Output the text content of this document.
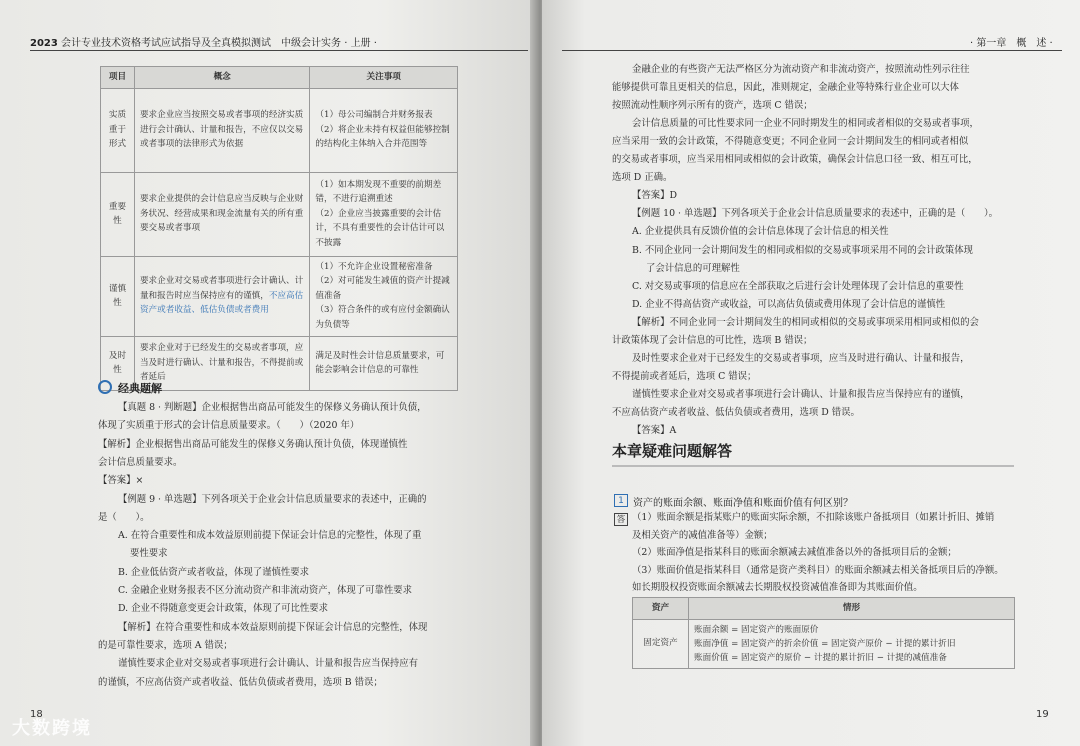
2023 会计专业技术资格考试应试指导及全真模拟测试　中级会计实务 · 上册 ·
项目	概念	关注事项
实质重于形式	要求企业应当按照交易或者事项的经济实质进行会计确认、计量和报告，不应仅以交易或者事项的法律形式为依据	（1）母公司编制合并财务报表
（2）将企业未持有权益但能够控制的结构化主体纳入合并范围等
重要性	要求企业提供的会计信息应当反映与企业财务状况、经营成果和现金流量有关的所有重要交易或者事项	（1）如本期发现不重要的前期差错，不进行追溯重述
（2）企业应当披露重要的会计估计，不具有重要性的会计估计可以不披露
谨慎性	要求企业对交易或者事项进行会计确认、计量和报告时应当保持应有的谨慎，不应高估资产或者收益、低估负债或者费用	（1）不允许企业设置秘密准备
（2）对可能发生减值的资产计提减值准备
（3）符合条件的或有应付金额确认为负债等
及时性	要求企业对于已经发生的交易或者事项，应当及时进行确认、计量和报告，不得提前或者延后	满足及时性会计信息质量要求，可能会影响会计信息的可靠性
经典题解
【真题 8 · 判断题】企业根据售出商品可能发生的保修义务确认预计负债，
体现了实质重于形式的会计信息质量要求。（　　）（2020 年）
【解析】企业根据售出商品可能发生的保修义务确认预计负债，体现谨慎性
会计信息质量要求。
【答案】×
【例题 9 · 单选题】下列各项关于企业会计信息质量要求的表述中，正确的
是（　　）。
A. 在符合重要性和成本效益原则前提下保证会计信息的完整性，体现了重
要性要求
B. 企业低估资产或者收益，体现了谨慎性要求
C. 金融企业财务报表不区分流动资产和非流动资产，体现了可靠性要求
D. 企业不得随意变更会计政策，体现了可比性要求
【解析】在符合重要性和成本效益原则前提下保证会计信息的完整性，体现
的是可靠性要求，选项 A 错误；
谨慎性要求企业对交易或者事项进行会计确认、计量和报告应当保持应有
的谨慎，不应高估资产或者收益、低估负债或者费用，选项 B 错误；
18
大数跨境
· 第一章　概　述 ·
金融企业的有些资产无法严格区分为流动资产和非流动资产，按照流动性列示往往
能够提供可靠且更相关的信息，因此，准则规定，金融企业等特殊行业企业可以大体
按照流动性顺序列示所有的资产，选项 C 错误；
会计信息质量的可比性要求同一企业不同时期发生的相同或者相似的交易或者事项，
应当采用一致的会计政策，不得随意变更；不同企业同一会计期间发生的相同或者相似
的交易或者事项，应当采用相同或相似的会计政策，确保会计信息口径一致、相互可比，
选项 D 正确。
【答案】D
【例题 10 · 单选题】下列各项关于企业会计信息质量要求的表述中，正确的是（　　）。
A. 企业提供具有反馈价值的会计信息体现了会计信息的相关性
B. 不同企业同一会计期间发生的相同或相似的交易或事项采用不同的会计政策体现
了会计信息的可理解性
C. 对交易或事项的信息应在全部获取之后进行会计处理体现了会计信息的重要性
D. 企业不得高估资产或收益，可以高估负债或费用体现了会计信息的谨慎性
【解析】不同企业同一会计期间发生的相同或相似的交易或事项采用相同或相似的会
计政策体现了会计信息的可比性，选项 B 错误；
及时性要求企业对于已经发生的交易或者事项，应当及时进行确认、计量和报告，
不得提前或者延后，选项 C 错误；
谨慎性要求企业对交易或者事项进行会计确认、计量和报告应当保持应有的谨慎，
不应高估资产或者收益、低估负债或者费用，选项 D 错误。
【答案】A
本章疑难问题解答
1 资产的账面余额、账面净值和账面价值有何区别？
答 （1）账面余额是指某账户的账面实际余额，不扣除该账户备抵项目（如累计折旧、摊销
及相关资产的减值准备等）金额；
（2）账面净值是指某科目的账面余额减去减值准备以外的备抵项目后的金额；
（3）账面价值是指某科目（通常是资产类科目）的账面余额减去相关备抵项目后的净额。
如长期股权投资账面余额减去长期股权投资减值准备即为其账面价值。
资产	情形
固定资产	账面余额 = 固定资产的账面原价
账面净值 = 固定资产的折余价值 = 固定资产原价 − 计提的累计折旧
账面价值 = 固定资产的原价 − 计提的累计折旧 − 计提的减值准备
19
